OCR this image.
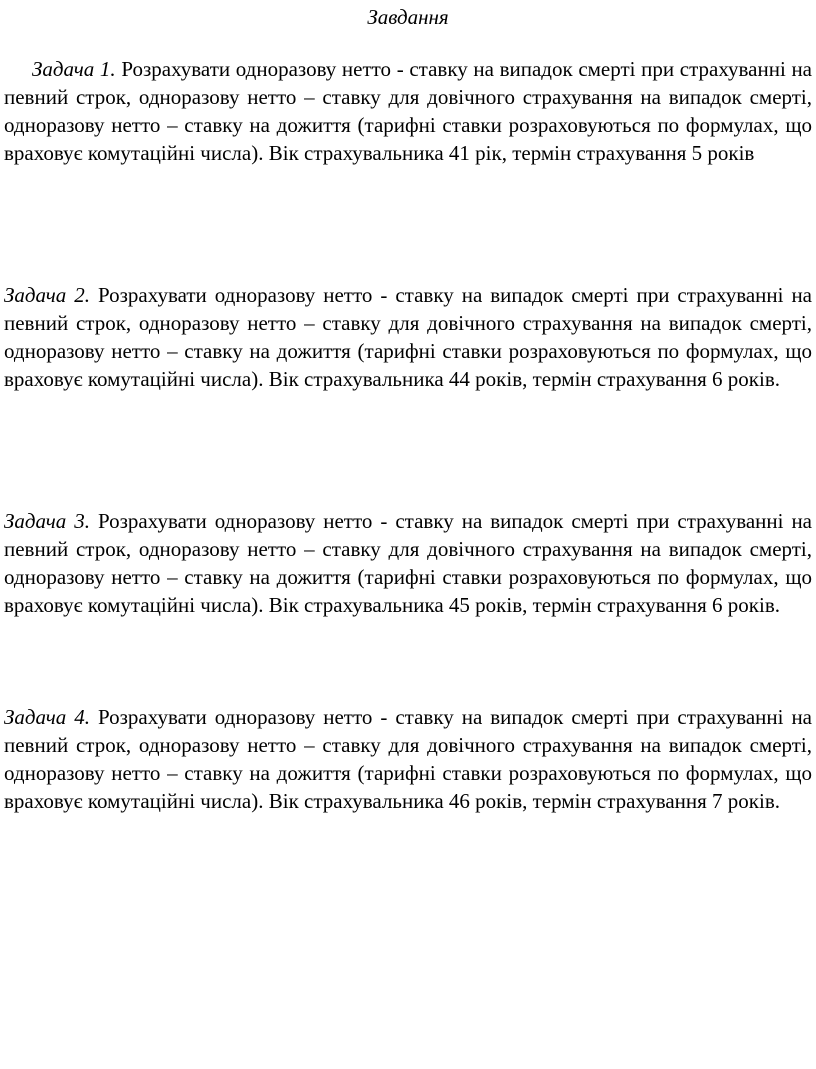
Завдання

Задача 1. Розрахувати одноразову нетто - ставку на випадок смерті при страхуванні на певний строк, одноразову нетто – ставку для довічного страхування на випадок смерті, одноразову нетто – ставку на дожиття (тарифні ставки розраховуються по формулах, що враховує комутаційні числа). Вік страхувальника 41 рік, термін страхування 5 років

Задача 2. Розрахувати одноразову нетто - ставку на випадок смерті при страхуванні на певний строк, одноразову нетто – ставку для довічного страхування на випадок смерті, одноразову нетто – ставку на дожиття (тарифні ставки розраховуються по формулах, що враховує комутаційні числа). Вік страхувальника 44 років, термін страхування 6 років.

Задача 3. Розрахувати одноразову нетто - ставку на випадок смерті при страхуванні на певний строк, одноразову нетто – ставку для довічного страхування на випадок смерті, одноразову нетто – ставку на дожиття (тарифні ставки розраховуються по формулах, що враховує комутаційні числа). Вік страхувальника 45 років, термін страхування 6 років.

Задача 4. Розрахувати одноразову нетто - ставку на випадок смерті при страхуванні на певний строк, одноразову нетто – ставку для довічного страхування на випадок смерті, одноразову нетто – ставку на дожиття (тарифні ставки розраховуються по формулах, що враховує комутаційні числа). Вік страхувальника 46 років, термін страхування 7 років.
